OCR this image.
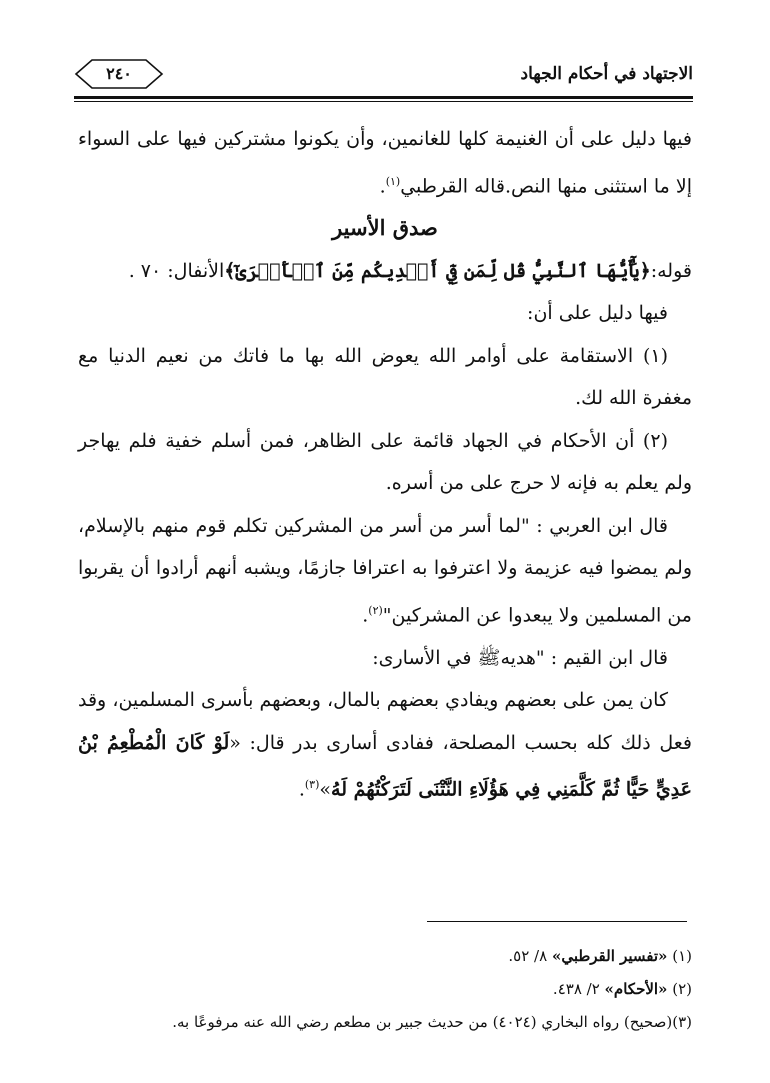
٢٤٠	الاجتهاد في أحكام الجهاد

فيها دليل على أن الغنيمة كلها للغانمين، وأن يكونوا مشتركين فيها على السواء إلا ما استثنى منها النص.قاله القرطبي$^{(١)}$.

صدق الأسير

قوله:﴿يَٰٓأَيُّهَا ٱلنَّبِيُّ قُل لِّمَن فِيٓ أَيۡدِيكُم مِّنَ ٱلۡأَسۡرَىٰٓ﴾الأنفال: ٧٠ .

فيها دليل على أن:

(١) الاستقامة على أوامر الله يعوض الله بها ما فاتك من نعيم الدنيا مع مغفرة الله لك.

(٢) أن الأحكام في الجهاد قائمة على الظاهر، فمن أسلم خفية فلم يهاجر ولم يعلم به فإنه لا حرج على من أسره.

قال ابن العربي : "لما أسر من أسر من المشركين تكلم قوم منهم بالإسلام، ولم يمضوا فيه عزيمة ولا اعترفوا به اعترافا جازمًا، ويشبه أنهم أرادوا أن يقربوا من المسلمين ولا يبعدوا عن المشركين"$^{(٢)}$.

قال ابن القيم : "هديهﷺ في الأسارى:

كان يمن على بعضهم ويفادي بعضهم بالمال، وبعضهم بأسرى المسلمين، وقد فعل ذلك كله بحسب المصلحة، ففادى أسارى بدر قال: «لَوْ كَانَ الْمُطْعِمُ بْنُ عَدِيٍّ حَيًّا ثُمَّ كَلَّمَنِي فِي هَؤُلَاءِ النَّتْنَى لَتَرَكْتُهُمْ لَهُ»$^{(٣)}$.

(١) «تفسير القرطبي» ٨/ ٥٢.
(٢) «الأحكام» ٢/ ٤٣٨.
(٣)(صحيح) رواه البخاري (٤٠٢٤) من حديث جبير بن مطعم رضي الله عنه مرفوعًا به.
